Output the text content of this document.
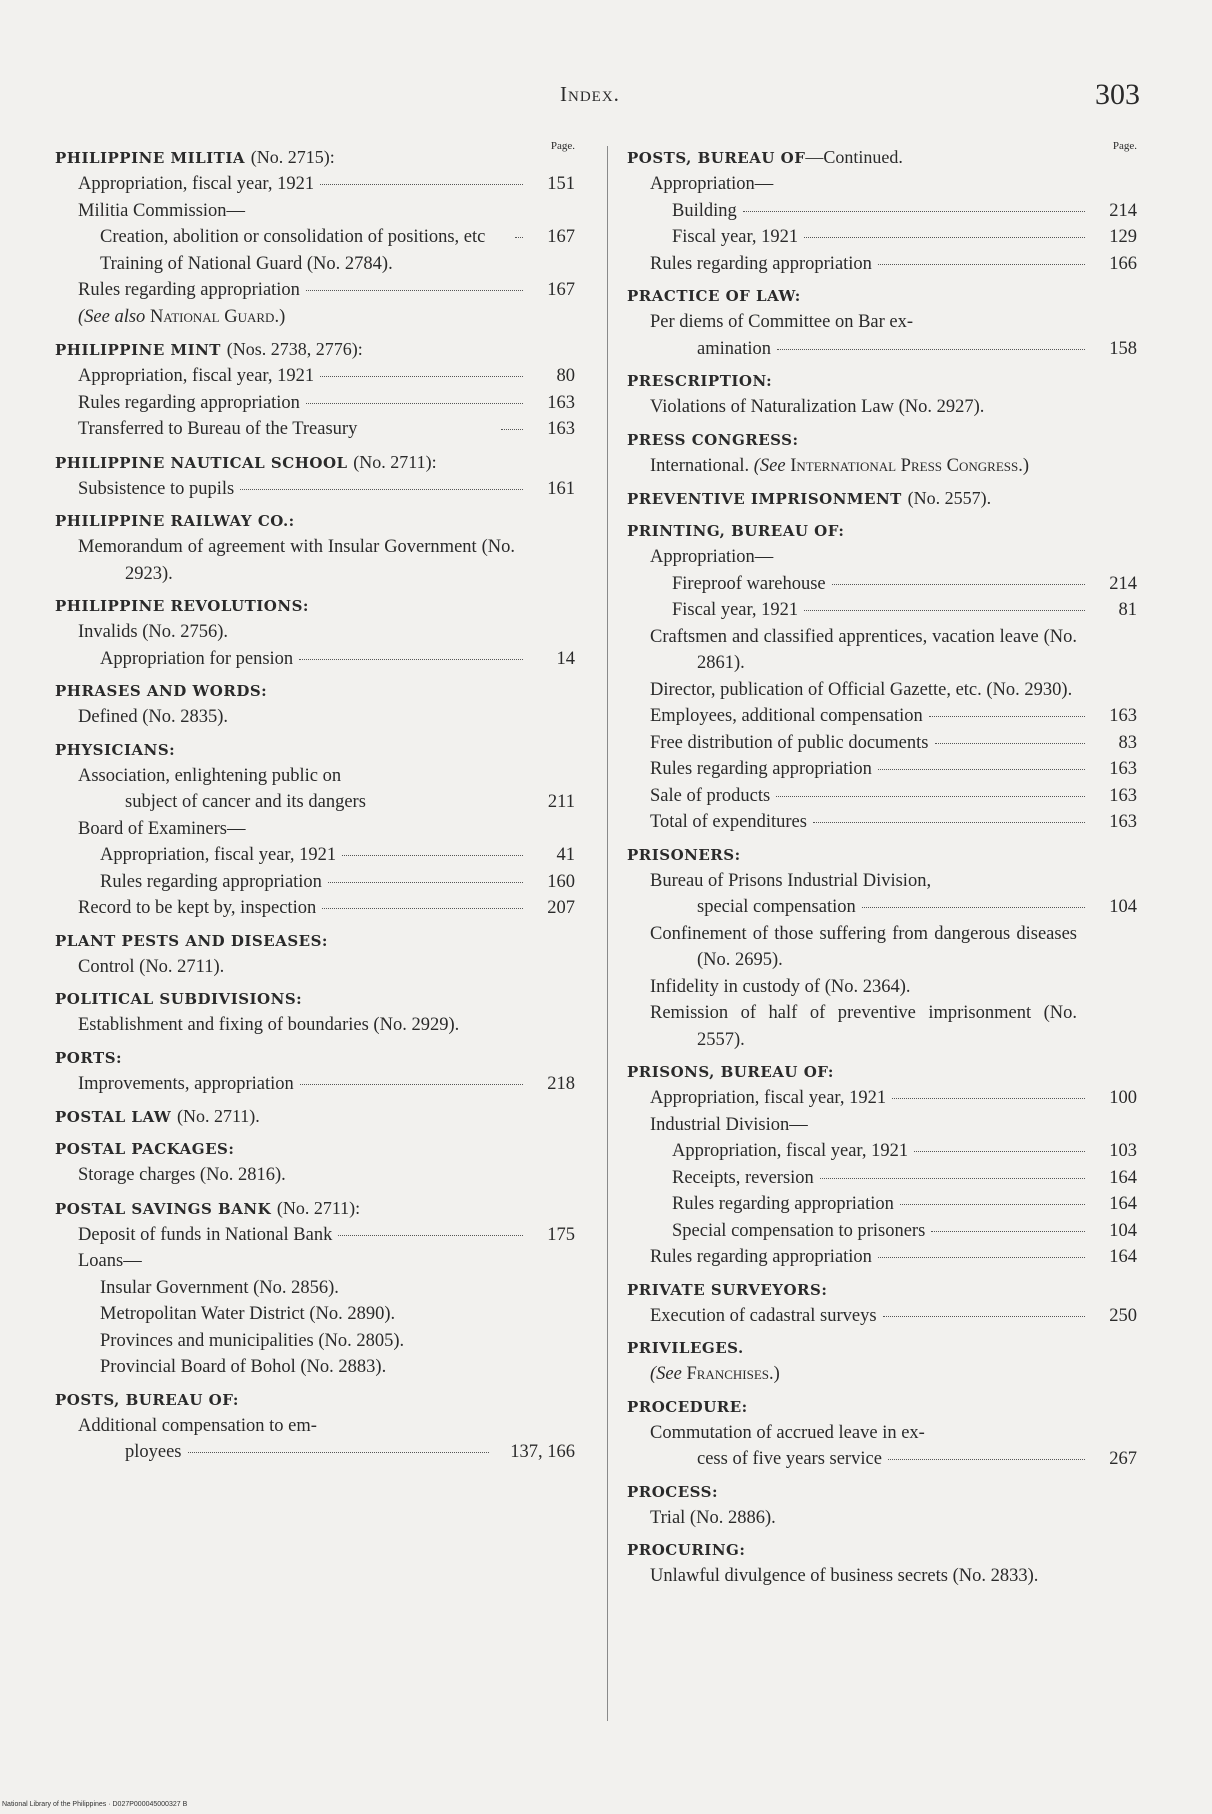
Index.	303
Page.
PHILIPPINE MILITIA (No. 2715):
Appropriation, fiscal year, 1921	151
Militia Commission—
Creation, abolition or consolidation of positions, etc	167
Training of National Guard (No. 2784).
Rules regarding appropriation	167
(See also National Guard.)
PHILIPPINE MINT (Nos. 2738, 2776):
Appropriation, fiscal year, 1921	80
Rules regarding appropriation	163
Transferred to Bureau of the Treasury	163
PHILIPPINE NAUTICAL SCHOOL (No. 2711):
Subsistence to pupils	161
PHILIPPINE RAILWAY CO.:
Memorandum of agreement with Insular Government (No. 2923).
PHILIPPINE REVOLUTIONS:
Invalids (No. 2756).
Appropriation for pension	14
PHRASES AND WORDS:
Defined (No. 2835).
PHYSICIANS:
Association, enlightening public on
subject of cancer and its dangers	211
Board of Examiners—
Appropriation, fiscal year, 1921	41
Rules regarding appropriation	160
Record to be kept by, inspection	207
PLANT PESTS AND DISEASES:
Control (No. 2711).
POLITICAL SUBDIVISIONS:
Establishment and fixing of boundaries (No. 2929).
PORTS:
Improvements, appropriation	218
POSTAL LAW (No. 2711).
POSTAL PACKAGES:
Storage charges (No. 2816).
POSTAL SAVINGS BANK (No. 2711):
Deposit of funds in National Bank	175
Loans—
Insular Government (No. 2856).
Metropolitan Water District (No. 2890).
Provinces and municipalities (No. 2805).
Provincial Board of Bohol (No. 2883).
POSTS, BUREAU OF:
Additional compensation to em-
ployees	137, 166
Page.
POSTS, BUREAU OF—Continued.
Appropriation—
Building	214
Fiscal year, 1921	129
Rules regarding appropriation	166
PRACTICE OF LAW:
Per diems of Committee on Bar ex-
amination	158
PRESCRIPTION:
Violations of Naturalization Law (No. 2927).
PRESS CONGRESS:
International. (See International Press Congress.)
PREVENTIVE IMPRISONMENT (No. 2557).
PRINTING, BUREAU OF:
Appropriation—
Fireproof warehouse	214
Fiscal year, 1921	81
Craftsmen and classified apprentices, vacation leave (No. 2861).
Director, publication of Official Gazette, etc. (No. 2930).
Employees, additional compensation	163
Free distribution of public documents	83
Rules regarding appropriation	163
Sale of products	163
Total of expenditures	163
PRISONERS:
Bureau of Prisons Industrial Division,
special compensation	104
Confinement of those suffering from dangerous diseases (No. 2695).
Infidelity in custody of (No. 2364).
Remission of half of preventive imprisonment (No. 2557).
PRISONS, BUREAU OF:
Appropriation, fiscal year, 1921	100
Industrial Division—
Appropriation, fiscal year, 1921	103
Receipts, reversion	164
Rules regarding appropriation	164
Special compensation to prisoners	104
Rules regarding appropriation	164
PRIVATE SURVEYORS:
Execution of cadastral surveys	250
PRIVILEGES.
(See Franchises.)
PROCEDURE:
Commutation of accrued leave in ex-
cess of five years service	267
PROCESS:
Trial (No. 2886).
PROCURING:
Unlawful divulgence of business secrets (No. 2833).
National Library of the Philippines · D027P000045000327 B
